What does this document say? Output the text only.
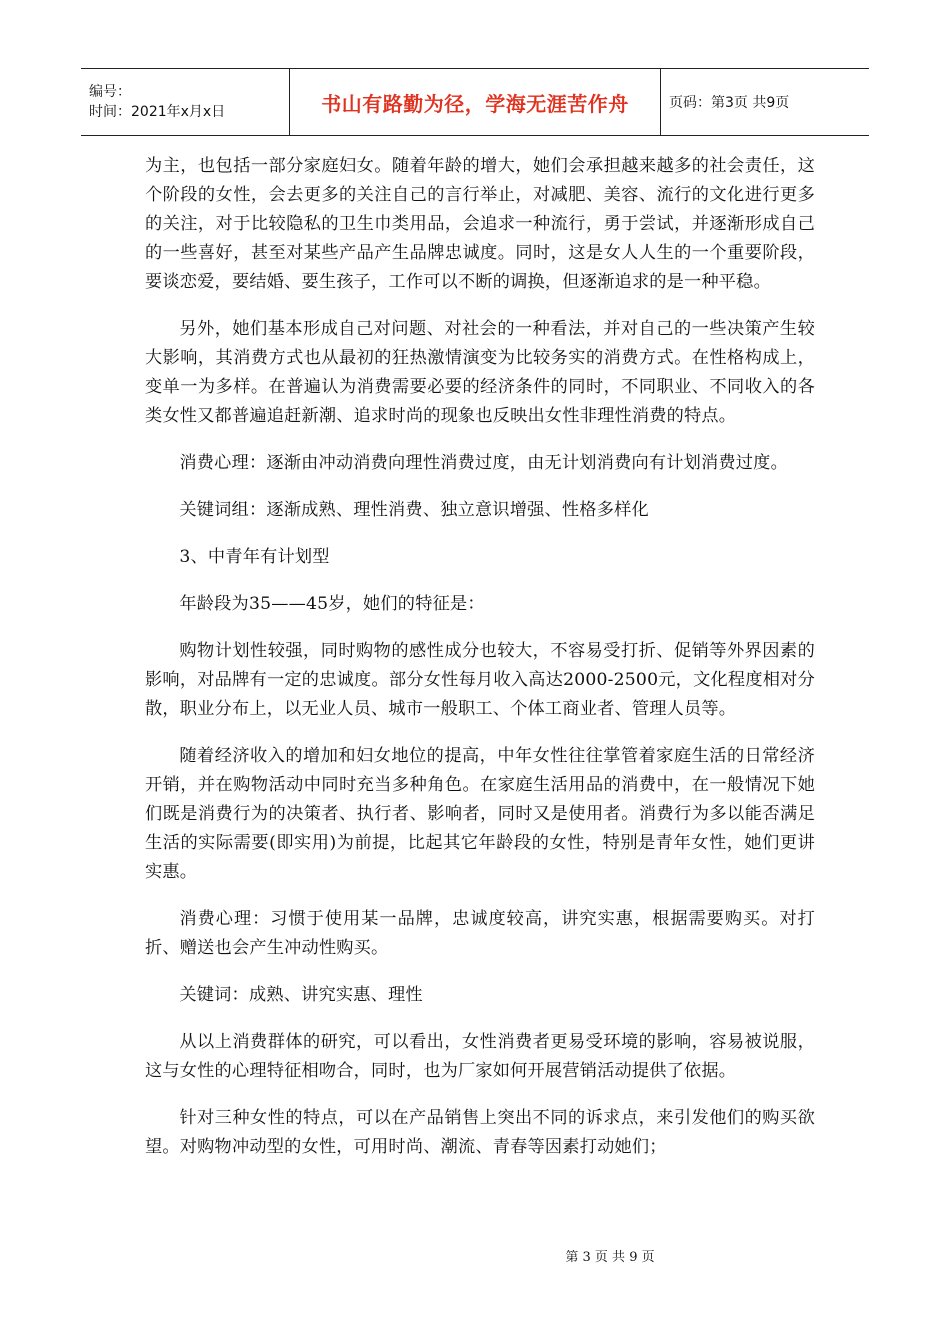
编号：
时间：2021年x月x日	书山有路勤为径，学海无涯苦作舟	页码：第3页 共9页

为主，也包括一部分家庭妇女。随着年龄的增大，她们会承担越来越多的社会责任，这个阶段的女性，会去更多的关注自己的言行举止，对减肥、美容、流行的文化进行更多的关注，对于比较隐私的卫生巾类用品，会追求一种流行，勇于尝试，并逐渐形成自己的一些喜好，甚至对某些产品产生品牌忠诚度。同时，这是女人人生的一个重要阶段，要谈恋爱，要结婚、要生孩子，工作可以不断的调换，但逐渐追求的是一种平稳。

另外，她们基本形成自己对问题、对社会的一种看法，并对自己的一些决策产生较大影响，其消费方式也从最初的狂热激情演变为比较务实的消费方式。在性格构成上，变单一为多样。在普遍认为消费需要必要的经济条件的同时，不同职业、不同收入的各类女性又都普遍追赶新潮、追求时尚的现象也反映出女性非理性消费的特点。

消费心理：逐渐由冲动消费向理性消费过度，由无计划消费向有计划消费过度。

关键词组：逐渐成熟、理性消费、独立意识增强、性格多样化

3、中青年有计划型

年龄段为35——45岁，她们的特征是：

购物计划性较强，同时购物的感性成分也较大，不容易受打折、促销等外界因素的影响，对品牌有一定的忠诚度。部分女性每月收入高达2000-2500元，文化程度相对分散，职业分布上，以无业人员、城市一般职工、个体工商业者、管理人员等。

随着经济收入的增加和妇女地位的提高，中年女性往往掌管着家庭生活的日常经济开销，并在购物活动中同时充当多种角色。在家庭生活用品的消费中，在一般情况下她们既是消费行为的决策者、执行者、影响者，同时又是使用者。消费行为多以能否满足生活的实际需要(即实用)为前提，比起其它年龄段的女性，特别是青年女性，她们更讲实惠。

消费心理：习惯于使用某一品牌，忠诚度较高，讲究实惠，根据需要购买。对打折、赠送也会产生冲动性购买。

关键词：成熟、讲究实惠、理性

从以上消费群体的研究，可以看出，女性消费者更易受环境的影响，容易被说服，这与女性的心理特征相吻合，同时，也为厂家如何开展营销活动提供了依据。

针对三种女性的特点，可以在产品销售上突出不同的诉求点，来引发他们的购买欲望。对购物冲动型的女性，可用时尚、潮流、青春等因素打动她们；

第 3 页 共 9 页
